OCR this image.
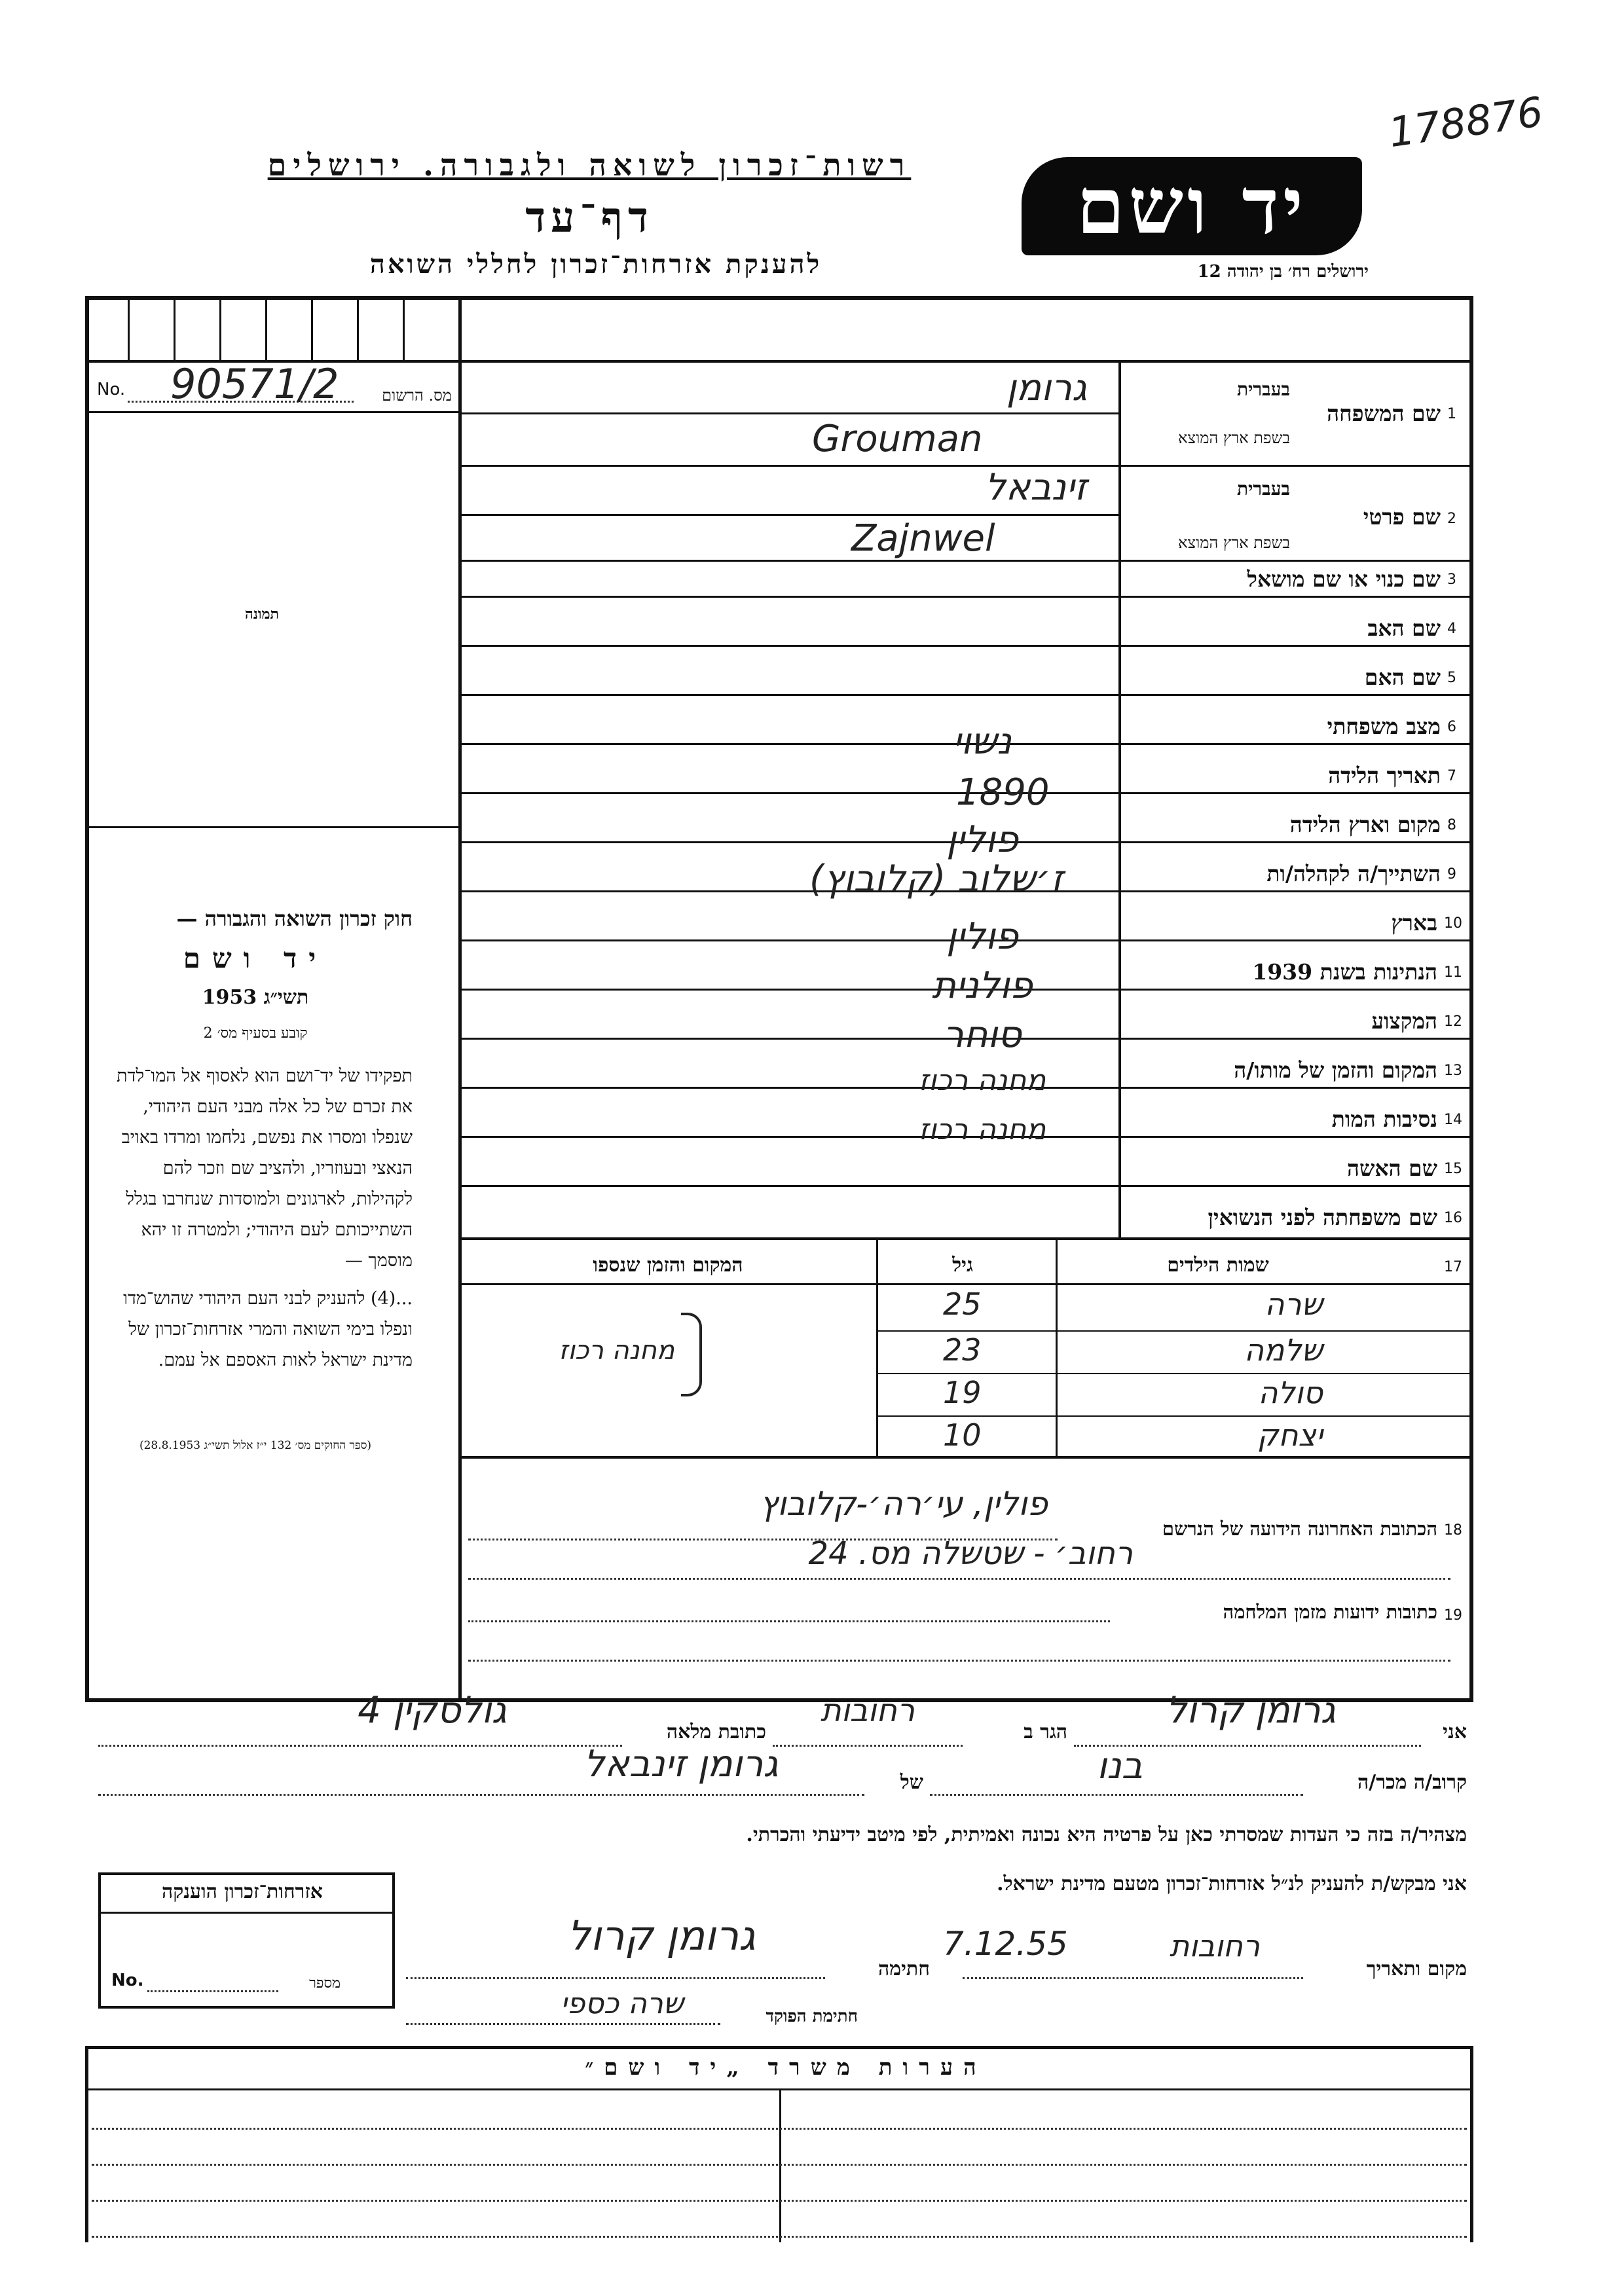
178876
רשות־זכרון לשואה ולגבורה. ירושלים
דף־עד
להענקת אזרחות־זכרון לחללי השואה
יד ושם
ירושלים רח׳ בן יהודה 12
No. 90571/2	מס. הרשום
תמונה
חוק זכרון השואה והגבורה —
יד ושם
תשי״ג 1953
קובע בסעיף מס׳ 2
תפקידו של יד־ושם הוא לאסוף אל המו־לדת את זכרם של כל אלה מבני העם היהודי, שנפלו ומסרו את נפשם, נלחמו ומרדו באויב הנאצי ובעוזריו, ולהציב שם וזכר להם לקהילות, לארגונים ולמוסדות שנחרבו בגלל השתייכותם לעם היהודי; ולמטרה זו יהא מוסמך —
...(4) להעניק לבני העם היהודי שהוש־מדו ונפלו בימי השואה והמרי אזרחות־זכרון של מדינת ישראל לאות האספם אל עמם.
(ספר החוקים מס׳ 132 י״ז אלול תשי״ג 28.8.1953)
1
שם המשפחה
בעברית
בשפת ארץ המוצא
גרומן
Grouman
2
שם פרטי
בעברית
בשפת ארץ המוצא
זינבאל
Zajnwel
3
שם כנוי או שם מושאל
4
שם האב
5
שם האם
6
מצב משפחתי
נשוי
7
תאריך הלידה
1890
8
מקום וארץ הלידה
פולין
9
השתייך/ה לקהלה/ות
ז׳שלוב (קלובוץ)
10
בארץ
פולין
11
הנתינות בשנת 1939
פולנית
12
המקצוע
סוחר
13
המקום והזמן של מותו/ה
מחנה רכוז
14
נסיבות המות
מחנה רכוז
15
שם האשה
16
שם משפחתה לפני הנשואין
17
שמות הילדים
גיל
המקום והזמן שנספו
שרה
25
שלמה
23
סולה
19
יצחק
10
מחנה רכוז
18
הכתובת האחרונה הידועה של הנרשם
פולין, עי׳רה׳-קלובוץ
רחוב׳ - שטשלה מס. 24
19
כתובות ידועות מזמן המלחמה
אני
גרומן קרול
הגר ב
רחובות
כתובת מלאה
גולסקין 4
קרוב/ה מכר/ה
בנו
של
גרומן זינבאל
מצהיר/ה בזה כי העדות שמסרתי כאן על פרטיה היא נכונה ואמיתית, לפי מיטב ידיעתי והכרתי.
אני מבקש/ת להעניק לנ״ל אזרחות־זכרון מטעם מדינת ישראל.
אזרחות־זכרון הוענקה
No.	מספר
מקום ותאריך
רחובות
7.12.55
חתימה
גרומן קרול
חתימת הפוקד
שרה כספי
הערות משרד „יד ושם״
